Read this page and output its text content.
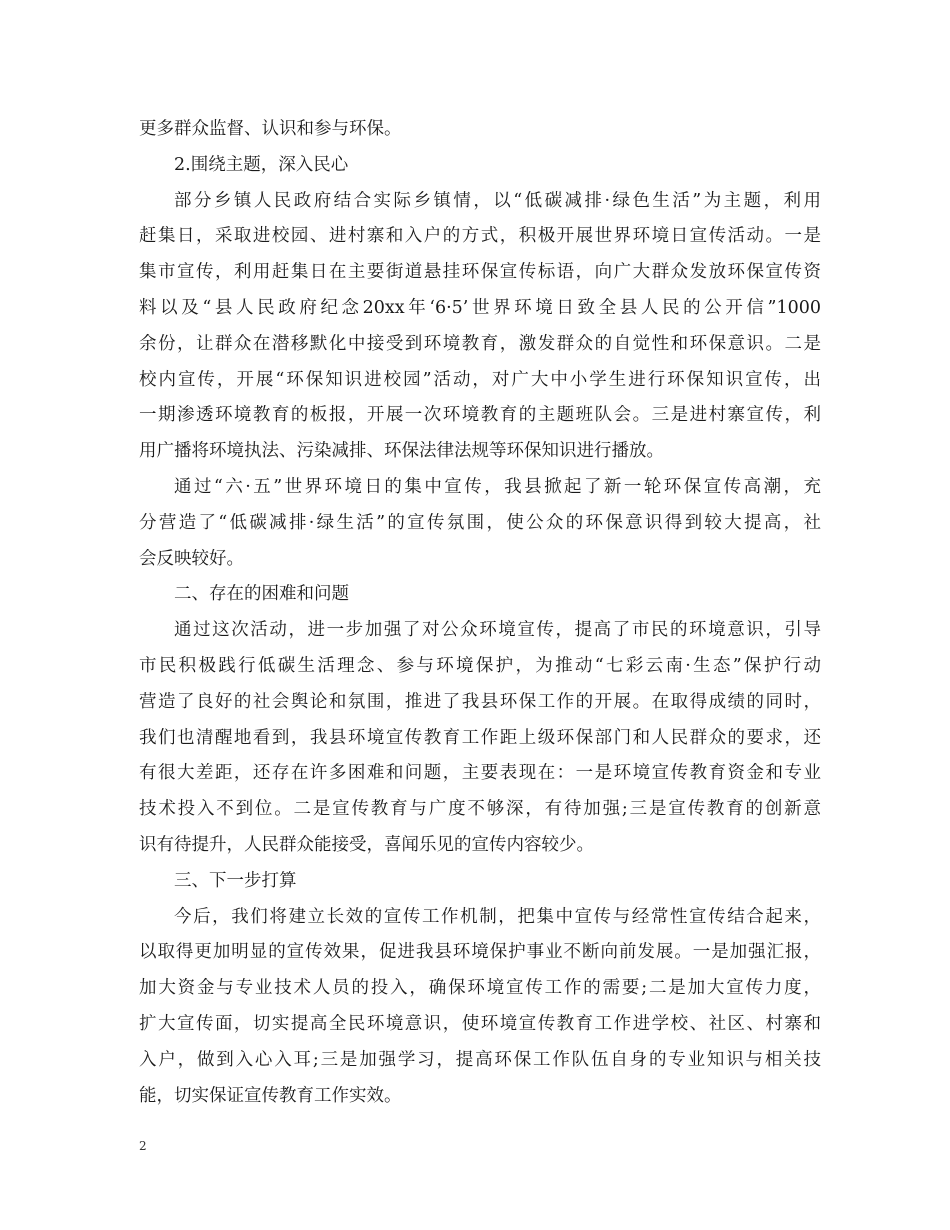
更多群众监督、认识和参与环保。
2.围绕主题，深入民心
部分乡镇人民政府结合实际乡镇情，以“低碳减排·绿色生活”为主题，利用
赶集日，采取进校园、进村寨和入户的方式，积极开展世界环境日宣传活动。一是
集市宣传，利用赶集日在主要街道悬挂环保宣传标语，向广大群众发放环保宣传资
料以及“县人民政府纪念20xx年‘6·5’世界环境日致全县人民的公开信”1000
余份，让群众在潜移默化中接受到环境教育，激发群众的自觉性和环保意识。二是
校内宣传，开展“环保知识进校园”活动，对广大中小学生进行环保知识宣传，出
一期渗透环境教育的板报，开展一次环境教育的主题班队会。三是进村寨宣传，利
用广播将环境执法、污染减排、环保法律法规等环保知识进行播放。
通过“六·五”世界环境日的集中宣传，我县掀起了新一轮环保宣传高潮，充
分营造了“低碳减排·绿生活”的宣传氛围，使公众的环保意识得到较大提高，社
会反映较好。
二、存在的困难和问题
通过这次活动，进一步加强了对公众环境宣传，提高了市民的环境意识，引导
市民积极践行低碳生活理念、参与环境保护，为推动“七彩云南·生态”保护行动
营造了良好的社会舆论和氛围，推进了我县环保工作的开展。在取得成绩的同时，
我们也清醒地看到，我县环境宣传教育工作距上级环保部门和人民群众的要求，还
有很大差距，还存在许多困难和问题，主要表现在：一是环境宣传教育资金和专业
技术投入不到位。二是宣传教育与广度不够深，有待加强;三是宣传教育的创新意
识有待提升，人民群众能接受，喜闻乐见的宣传内容较少。
三、下一步打算
今后，我们将建立长效的宣传工作机制，把集中宣传与经常性宣传结合起来，
以取得更加明显的宣传效果，促进我县环境保护事业不断向前发展。一是加强汇报，
加大资金与专业技术人员的投入，确保环境宣传工作的需要;二是加大宣传力度，
扩大宣传面，切实提高全民环境意识，使环境宣传教育工作进学校、社区、村寨和
入户，做到入心入耳;三是加强学习，提高环保工作队伍自身的专业知识与相关技
能，切实保证宣传教育工作实效。
2
